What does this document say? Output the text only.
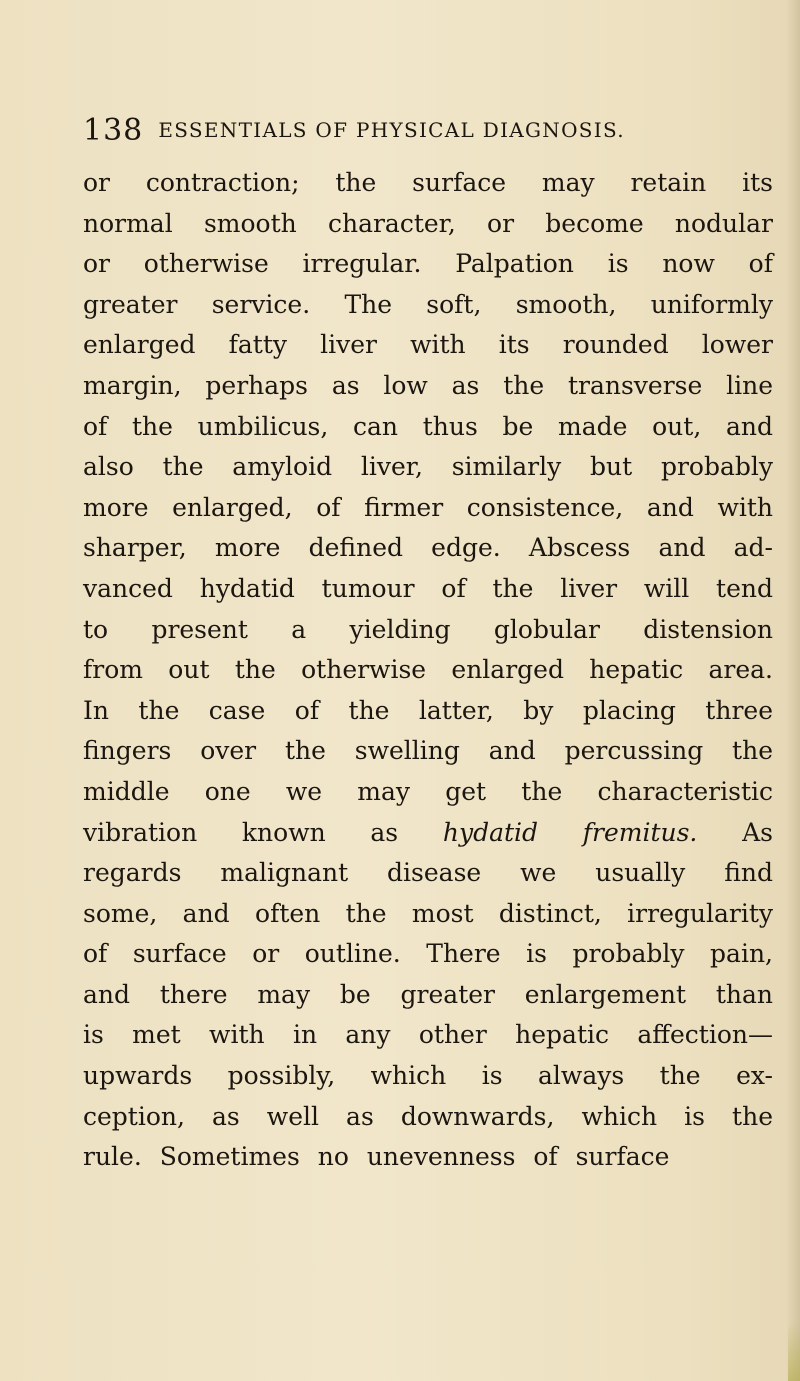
138 ESSENTIALS OF PHYSICAL DIAGNOSIS.
or contraction; the surface may retain its
normal smooth character, or become nodular
or otherwise irregular. Palpation is now of
greater service. The soft, smooth, uniformly
enlarged fatty liver with its rounded lower
margin, perhaps as low as the transverse line
of the umbilicus, can thus be made out, and
also the amyloid liver, similarly but probably
more enlarged, of firmer consistence, and with
sharper, more defined edge. Abscess and ad-
vanced hydatid tumour of the liver will tend
to present a yielding globular distension
from out the otherwise enlarged hepatic area.
In the case of the latter, by placing three
fingers over the swelling and percussing the
middle one we may get the characteristic
vibration known as hydatid fremitus. As
regards malignant disease we usually find
some, and often the most distinct, irregularity
of surface or outline. There is probably pain,
and there may be greater enlargement than
is met with in any other hepatic affection—
upwards possibly, which is always the ex-
ception, as well as downwards, which is the
rule. Sometimes no unevenness of surface
